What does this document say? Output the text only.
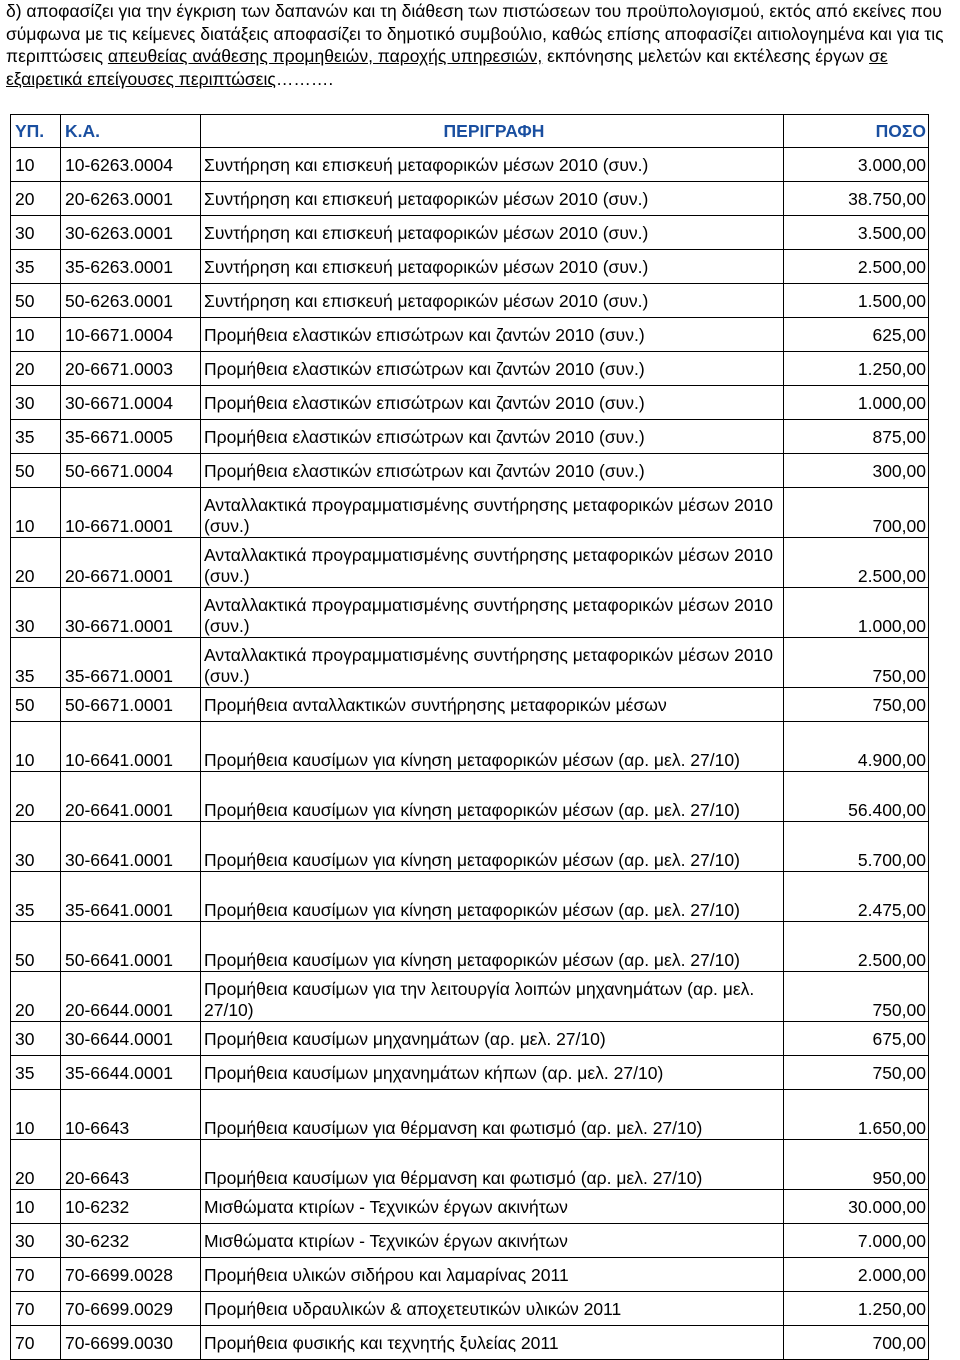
δ) αποφασίζει για την έγκριση των δαπανών και τη διάθεση των πιστώσεων του προϋπολογισμού, εκτός από εκείνες που σύμφωνα με τις κείμενες διατάξεις αποφασίζει το δημοτικό συμβούλιο, καθώς επίσης αποφασίζει αιτιολογημένα και για τις περιπτώσεις απευθείας ανάθεσης προμηθειών, παροχής υπηρεσιών, εκπόνησης μελετών και εκτέλεσης έργων σε εξαιρετικά επείγουσες περιπτώσεις……….
ΥΠ.	Κ.Α.	ΠΕΡΙΓΡΑΦΗ	ΠΟΣΟ
10	10-6263.0004	Συντήρηση και επισκευή μεταφορικών μέσων 2010 (συν.)	3.000,00
20	20-6263.0001	Συντήρηση και επισκευή μεταφορικών μέσων 2010 (συν.)	38.750,00
30	30-6263.0001	Συντήρηση και επισκευή μεταφορικών μέσων 2010 (συν.)	3.500,00
35	35-6263.0001	Συντήρηση και επισκευή μεταφορικών μέσων 2010 (συν.)	2.500,00
50	50-6263.0001	Συντήρηση και επισκευή μεταφορικών μέσων 2010 (συν.)	1.500,00
10	10-6671.0004	Προμήθεια ελαστικών επισώτρων και ζαντών 2010 (συν.)	625,00
20	20-6671.0003	Προμήθεια ελαστικών επισώτρων και ζαντών 2010 (συν.)	1.250,00
30	30-6671.0004	Προμήθεια ελαστικών επισώτρων και ζαντών 2010 (συν.)	1.000,00
35	35-6671.0005	Προμήθεια ελαστικών επισώτρων και ζαντών 2010 (συν.)	875,00
50	50-6671.0004	Προμήθεια ελαστικών επισώτρων και ζαντών 2010 (συν.)	300,00
10	10-6671.0001	Ανταλλακτικά προγραμματισμένης συντήρησης μεταφορικών μέσων 2010 (συν.)	700,00
20	20-6671.0001	Ανταλλακτικά προγραμματισμένης συντήρησης μεταφορικών μέσων 2010 (συν.)	2.500,00
30	30-6671.0001	Ανταλλακτικά προγραμματισμένης συντήρησης μεταφορικών μέσων 2010 (συν.)	1.000,00
35	35-6671.0001	Ανταλλακτικά προγραμματισμένης συντήρησης μεταφορικών μέσων 2010 (συν.)	750,00
50	50-6671.0001	Προμήθεια ανταλλακτικών συντήρησης μεταφορικών μέσων	750,00
10	10-6641.0001	Προμήθεια καυσίμων για κίνηση μεταφορικών μέσων (αρ. μελ. 27/10)	4.900,00
20	20-6641.0001	Προμήθεια καυσίμων για κίνηση μεταφορικών μέσων (αρ. μελ. 27/10)	56.400,00
30	30-6641.0001	Προμήθεια καυσίμων για κίνηση μεταφορικών μέσων (αρ. μελ. 27/10)	5.700,00
35	35-6641.0001	Προμήθεια καυσίμων για κίνηση μεταφορικών μέσων (αρ. μελ. 27/10)	2.475,00
50	50-6641.0001	Προμήθεια καυσίμων για κίνηση μεταφορικών μέσων (αρ. μελ. 27/10)	2.500,00
20	20-6644.0001	Προμήθεια καυσίμων για την λειτουργία λοιπών μηχανημάτων (αρ. μελ. 27/10)	750,00
30	30-6644.0001	Προμήθεια καυσίμων μηχανημάτων (αρ. μελ. 27/10)	675,00
35	35-6644.0001	Προμήθεια καυσίμων μηχανημάτων κήπων (αρ. μελ. 27/10)	750,00
10	10-6643	Προμήθεια καυσίμων για θέρμανση και φωτισμό (αρ. μελ. 27/10)	1.650,00
20	20-6643	Προμήθεια καυσίμων για θέρμανση και φωτισμό (αρ. μελ. 27/10)	950,00
10	10-6232	Μισθώματα κτιρίων - Τεχνικών έργων ακινήτων	30.000,00
30	30-6232	Μισθώματα κτιρίων - Τεχνικών έργων ακινήτων	7.000,00
70	70-6699.0028	Προμήθεια υλικών σιδήρου και λαμαρίνας 2011	2.000,00
70	70-6699.0029	Προμήθεια υδραυλικών & αποχετευτικών υλικών 2011	1.250,00
70	70-6699.0030	Προμήθεια φυσικής και τεχνητής ξυλείας 2011	700,00
